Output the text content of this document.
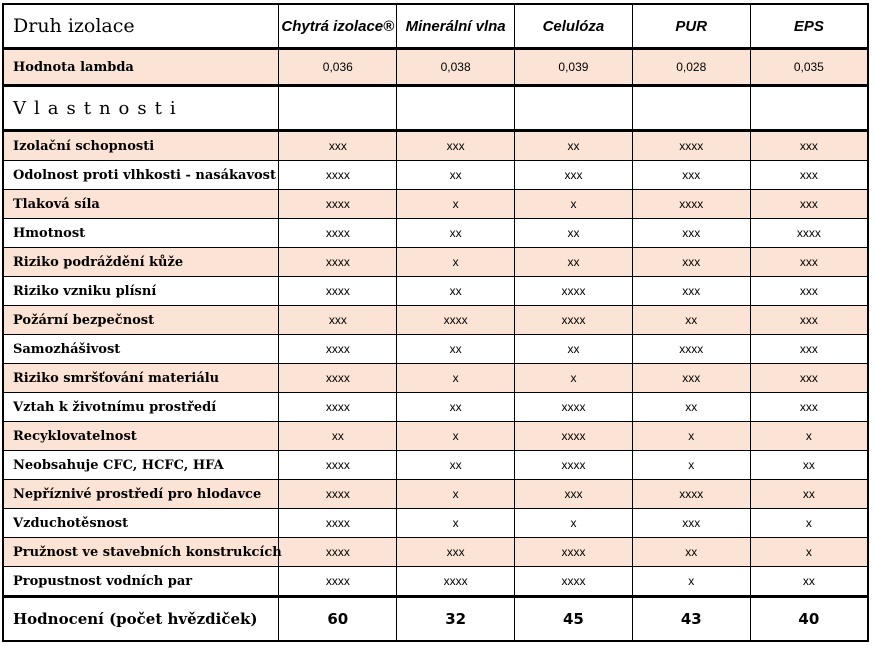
Druh izolace	Chytrá izolace®	Minerální vlna	Celulóza	PUR	EPS
Hodnota lambda	0,036	0,038	0,039	0,028	0,035
Vlastnosti					
Izolační schopnosti	xxx	xxx	xx	xxxx	xxx
Odolnost proti vlhkosti - nasákavost	xxxx	xx	xxx	xxx	xxx
Tlaková síla	xxxx	x	x	xxxx	xxx
Hmotnost	xxxx	xx	xx	xxx	xxxx
Riziko podráždění kůže	xxxx	x	xx	xxx	xxx
Riziko vzniku plísní	xxxx	xx	xxxx	xxx	xxx
Požární bezpečnost	xxx	xxxx	xxxx	xx	xxx
Samozhášivost	xxxx	xx	xx	xxxx	xxx
Riziko smršťování materiálu	xxxx	x	x	xxx	xxx
Vztah k životnímu prostředí	xxxx	xx	xxxx	xx	xxx
Recyklovatelnost	xx	x	xxxx	x	x
Neobsahuje CFC, HCFC, HFA	xxxx	xx	xxxx	x	xx
Nepříznivé prostředí pro hlodavce	xxxx	x	xxx	xxxx	xx
Vzduchotěsnost	xxxx	x	x	xxx	x
Pružnost ve stavebních konstrukcích	xxxx	xxx	xxxx	xx	x
Propustnost vodních par	xxxx	xxxx	xxxx	x	xx
Hodnocení (počet hvězdiček)	60	32	45	43	40
